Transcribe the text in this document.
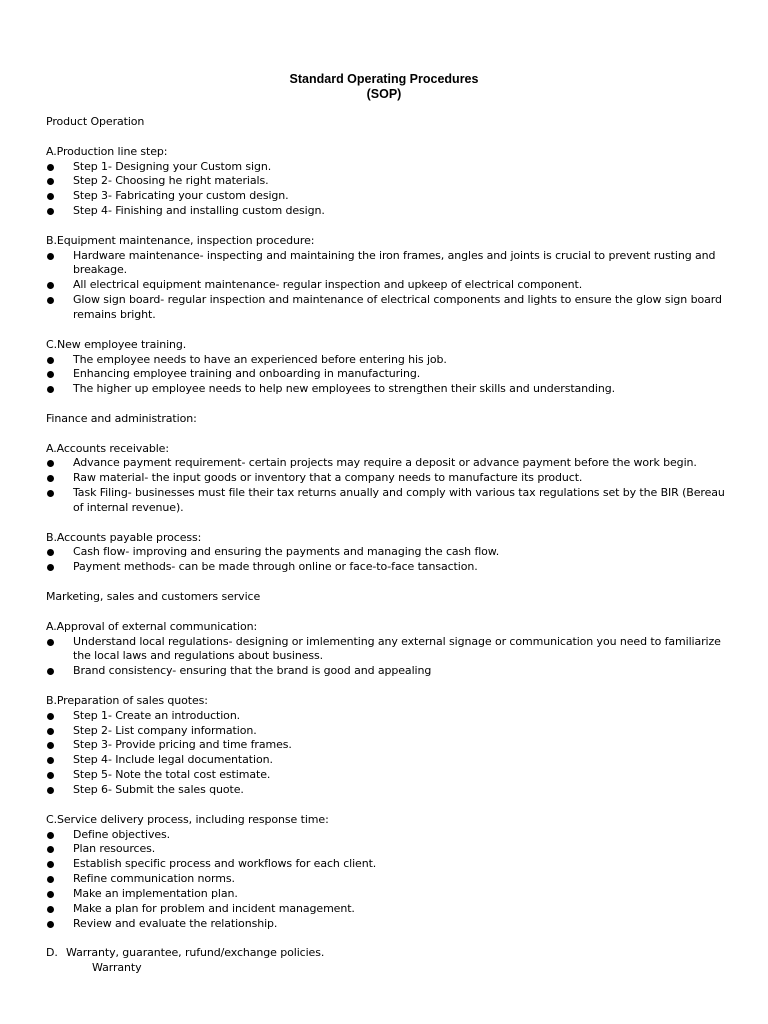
Standard Operating Procedures
(SOP)
Product Operation
A.Production line step:
Step 1- Designing your Custom sign.
Step 2- Choosing he right materials.
Step 3- Fabricating your custom design.
Step 4- Finishing and installing custom design.
B.Equipment maintenance, inspection procedure:
Hardware maintenance- inspecting and maintaining the iron frames, angles and joints is crucial to prevent rusting and breakage.
All electrical equipment maintenance- regular inspection and upkeep of electrical component.
Glow sign board- regular inspection and maintenance of electrical components and lights to ensure the glow sign board remains bright.
C.New employee training.
The employee needs to have an experienced before entering his job.
Enhancing employee training and onboarding in manufacturing.
The higher up employee needs to help new employees to strengthen their skills and understanding.
Finance and administration:
A.Accounts receivable:
Advance payment requirement- certain projects may require a deposit or advance payment before the work begin.
Raw material- the input goods or inventory that a company needs to manufacture its product.
Task Filing- businesses must file their tax returns anually and comply with various tax regulations set by the BIR (Bereau of internal revenue).
B.Accounts payable process:
Cash flow- improving and ensuring the payments and managing the cash flow.
Payment methods- can be made through online or face-to-face tansaction.
Marketing, sales and customers service
A.Approval of external communication:
Understand local regulations- designing or imlementing any external signage or communication you need to familiarize the local laws and regulations about business.
Brand consistency- ensuring that the brand is good and appealing
B.Preparation of sales quotes:
Step 1- Create an introduction.
Step 2- List company information.
Step 3- Provide pricing and time frames.
Step 4- Include legal documentation.
Step 5- Note the total cost estimate.
Step 6- Submit the sales quote.
C.Service delivery process, including response time:
Define objectives.
Plan resources.
Establish specific process and workflows for each client.
Refine communication norms.
Make an implementation plan.
Make a plan for problem and incident management.
Review and evaluate the relationship.
D. Warranty, guarantee, rufund/exchange policies.
Warranty
